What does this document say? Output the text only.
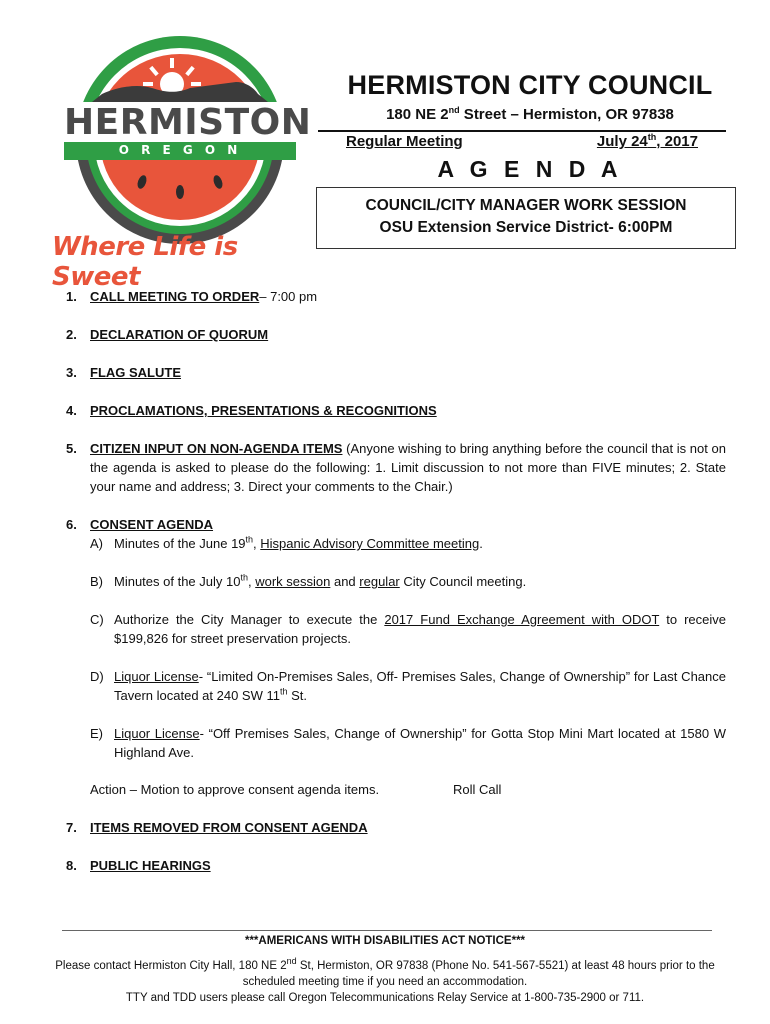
HERMISTON
O R E G O N
Where Life is Sweet
HERMISTON CITY COUNCIL
180 NE 2nd Street – Hermiston, OR 97838
Regular Meeting	July 24th, 2017
A G E N D A
COUNCIL/CITY MANAGER WORK SESSION
OSU Extension Service District- 6:00PM
1. CALL MEETING TO ORDER– 7:00 pm
2. DECLARATION OF QUORUM
3. FLAG SALUTE
4. PROCLAMATIONS, PRESENTATIONS & RECOGNITIONS
5. CITIZEN INPUT ON NON-AGENDA ITEMS (Anyone wishing to bring anything before the council that is not on the agenda is asked to please do the following: 1. Limit discussion to not more than FIVE minutes; 2. State your name and address; 3. Direct your comments to the Chair.)
6. CONSENT AGENDA
A) Minutes of the June 19th, Hispanic Advisory Committee meeting.
B) Minutes of the July 10th, work session and regular City Council meeting.
C) Authorize the City Manager to execute the 2017 Fund Exchange Agreement with ODOT to receive $199,826 for street preservation projects.
D) Liquor License- “Limited On-Premises Sales, Off- Premises Sales, Change of Ownership” for Last Chance Tavern located at 240 SW 11th St.
E) Liquor License- “Off Premises Sales, Change of Ownership” for Gotta Stop Mini Mart located at 1580 W Highland Ave.
Action – Motion to approve consent agenda items.	Roll Call
7. ITEMS REMOVED FROM CONSENT AGENDA
8. PUBLIC HEARINGS
***AMERICANS WITH DISABILITIES ACT NOTICE***
Please contact Hermiston City Hall, 180 NE 2nd St, Hermiston, OR 97838 (Phone No. 541-567-5521) at least 48 hours prior to the
scheduled meeting time if you need an accommodation.
TTY and TDD users please call Oregon Telecommunications Relay Service at 1-800-735-2900 or 711.
